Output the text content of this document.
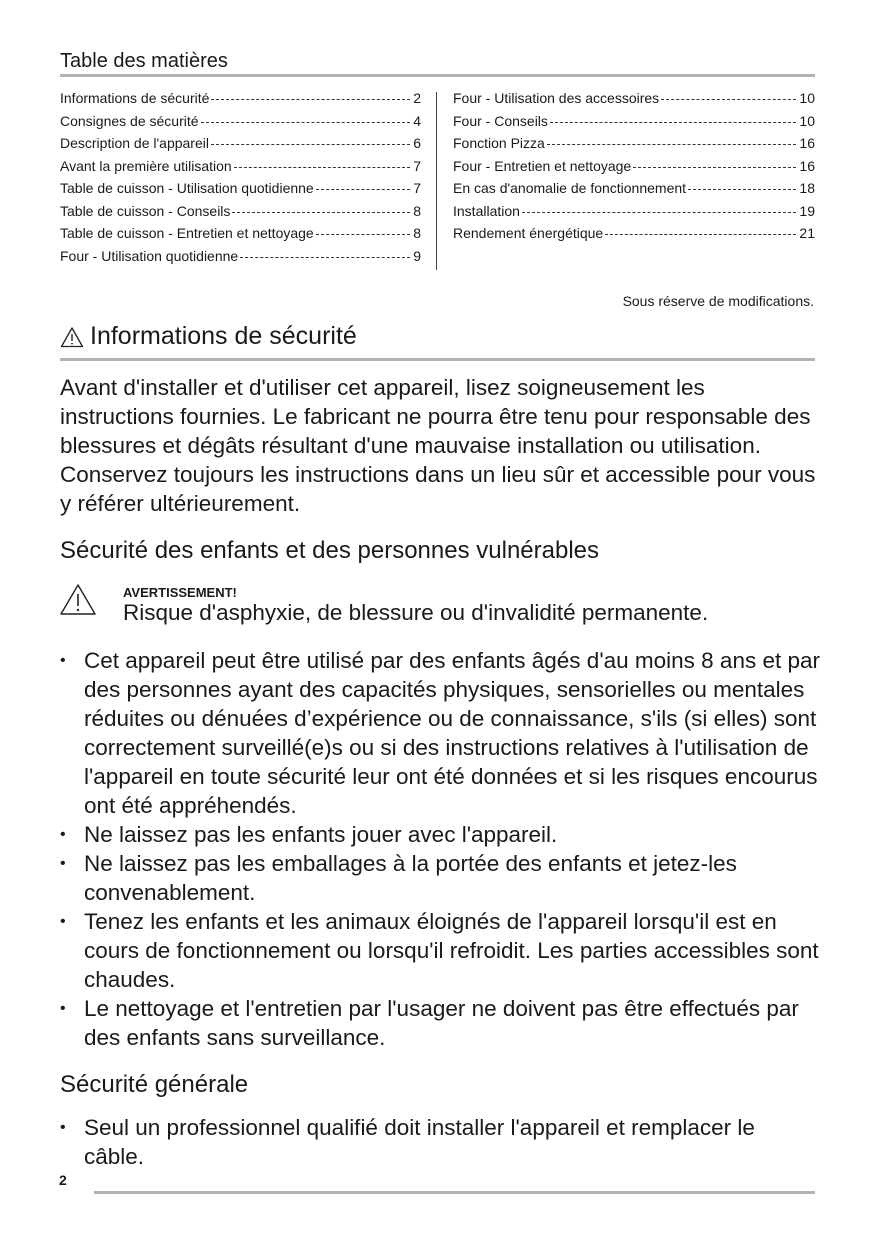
Table des matières
Informations de sécurité	2
Consignes de sécurité	4
Description de l'appareil	6
Avant la première utilisation	7
Table de cuisson - Utilisation quotidienne	7
Table de cuisson - Conseils	8
Table de cuisson - Entretien et nettoyage	8
Four - Utilisation quotidienne	9
Four - Utilisation des accessoires	10
Four - Conseils	10
Fonction Pizza	16
Four - Entretien et nettoyage	16
En cas d'anomalie de fonctionnement	18
Installation	19
Rendement énergétique	21
Sous réserve de modifications.
Informations de sécurité
Avant d'installer et d'utiliser cet appareil, lisez soigneusement les instructions fournies. Le fabricant ne pourra être tenu pour responsable des blessures et dégâts résultant d'une mauvaise installation ou utilisation. Conservez toujours les instructions dans un lieu sûr et accessible pour vous y référer ultérieurement.
Sécurité des enfants et des personnes vulnérables
AVERTISSEMENT!
Risque d'asphyxie, de blessure ou d'invalidité permanente.
• Cet appareil peut être utilisé par des enfants âgés d'au moins 8 ans et par des personnes ayant des capacités physiques, sensorielles ou mentales réduites ou dénuées d’expérience ou de connaissance, s'ils (si elles) sont correctement surveillé(e)s ou si des instructions relatives à l'utilisation de l'appareil en toute sécurité leur ont été données et si les risques encourus ont été appréhendés.
• Ne laissez pas les enfants jouer avec l'appareil.
• Ne laissez pas les emballages à la portée des enfants et jetez-les convenablement.
• Tenez les enfants et les animaux éloignés de l'appareil lorsqu'il est en cours de fonctionnement ou lorsqu'il refroidit. Les parties accessibles sont chaudes.
• Le nettoyage et l'entretien par l'usager ne doivent pas être effectués par des enfants sans surveillance.
Sécurité générale
• Seul un professionnel qualifié doit installer l'appareil et remplacer le câble.
2
